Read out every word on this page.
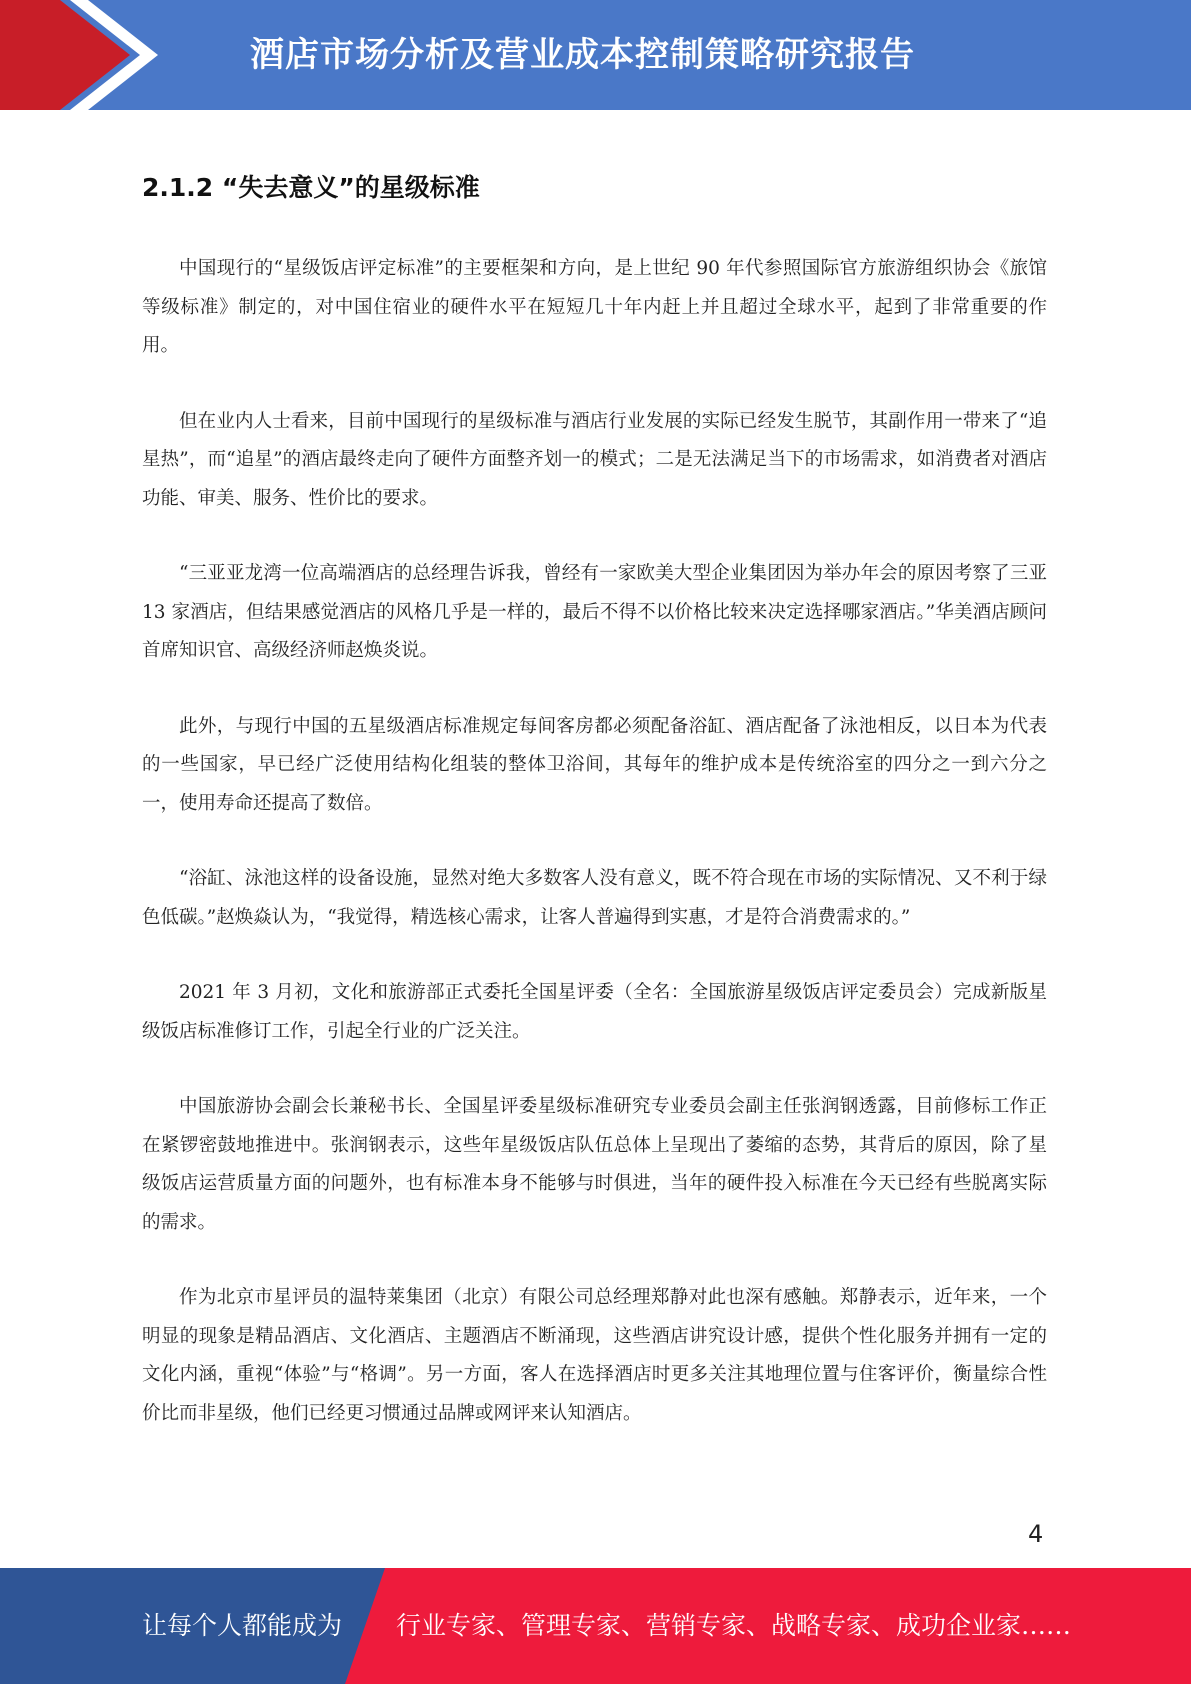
酒店市场分析及营业成本控制策略研究报告
2.1.2 “失去意义”的星级标准

中国现行的“星级饭店评定标准”的主要框架和方向，是上世纪 90 年代参照国际官方旅游组织协会《旅馆等级标准》制定的，对中国住宿业的硬件水平在短短几十年内赶上并且超过全球水平，起到了非常重要的作用。

但在业内人士看来，目前中国现行的星级标准与酒店行业发展的实际已经发生脱节，其副作用一带来了“追星热”，而“追星”的酒店最终走向了硬件方面整齐划一的模式；二是无法满足当下的市场需求，如消费者对酒店功能、审美、服务、性价比的要求。

“三亚亚龙湾一位高端酒店的总经理告诉我，曾经有一家欧美大型企业集团因为举办年会的原因考察了三亚 13 家酒店，但结果感觉酒店的风格几乎是一样的，最后不得不以价格比较来决定选择哪家酒店。”华美酒店顾问首席知识官、高级经济师赵焕炎说。

此外，与现行中国的五星级酒店标准规定每间客房都必须配备浴缸、酒店配备了泳池相反，以日本为代表的一些国家，早已经广泛使用结构化组装的整体卫浴间，其每年的维护成本是传统浴室的四分之一到六分之一，使用寿命还提高了数倍。

“浴缸、泳池这样的设备设施，显然对绝大多数客人没有意义，既不符合现在市场的实际情况、又不利于绿色低碳。”赵焕焱认为，“我觉得，精选核心需求，让客人普遍得到实惠，才是符合消费需求的。”

2021 年 3 月初，文化和旅游部正式委托全国星评委（全名：全国旅游星级饭店评定委员会）完成新版星级饭店标准修订工作，引起全行业的广泛关注。

中国旅游协会副会长兼秘书长、全国星评委星级标准研究专业委员会副主任张润钢透露，目前修标工作正在紧锣密鼓地推进中。张润钢表示，这些年星级饭店队伍总体上呈现出了萎缩的态势，其背后的原因，除了星级饭店运营质量方面的问题外，也有标准本身不能够与时俱进，当年的硬件投入标准在今天已经有些脱离实际的需求。

作为北京市星评员的温特莱集团（北京）有限公司总经理郑静对此也深有感触。郑静表示，近年来，一个明显的现象是精品酒店、文化酒店、主题酒店不断涌现，这些酒店讲究设计感，提供个性化服务并拥有一定的文化内涵，重视“体验”与“格调”。另一方面，客人在选择酒店时更多关注其地理位置与住客评价，衡量综合性价比而非星级，他们已经更习惯通过品牌或网评来认知酒店。

4
让每个人都能成为 行业专家、管理专家、营销专家、战略专家、成功企业家……
